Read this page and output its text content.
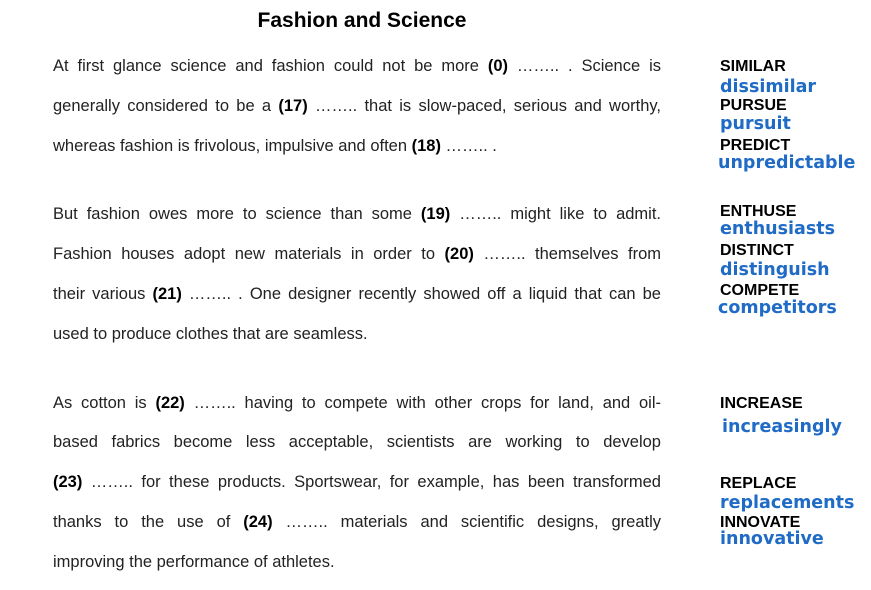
Fashion and Science
At first glance science and fashion could not be more (0) …….. . Science is
generally considered to be a (17) …….. that is slow-paced, serious and worthy,
whereas fashion is frivolous, impulsive and often (18) …….. .
But fashion owes more to science than some (19) …….. might like to admit.
Fashion houses adopt new materials in order to (20) …….. themselves from
their various (21) …….. . One designer recently showed off a liquid that can be
used to produce clothes that are seamless.
As cotton is (22) …….. having to compete with other crops for land, and oil-
based fabrics become less acceptable, scientists are working to develop
(23) …….. for these products. Sportswear, for example, has been transformed
thanks to the use of (24) …….. materials and scientific designs, greatly
improving the performance of athletes.
SIMILAR
dissimilar
PURSUE
pursuit
PREDICT
unpredictable
ENTHUSE
enthusiasts
DISTINCT
distinguish
COMPETE
competitors
INCREASE
increasingly
REPLACE
replacements
INNOVATE
innovative
